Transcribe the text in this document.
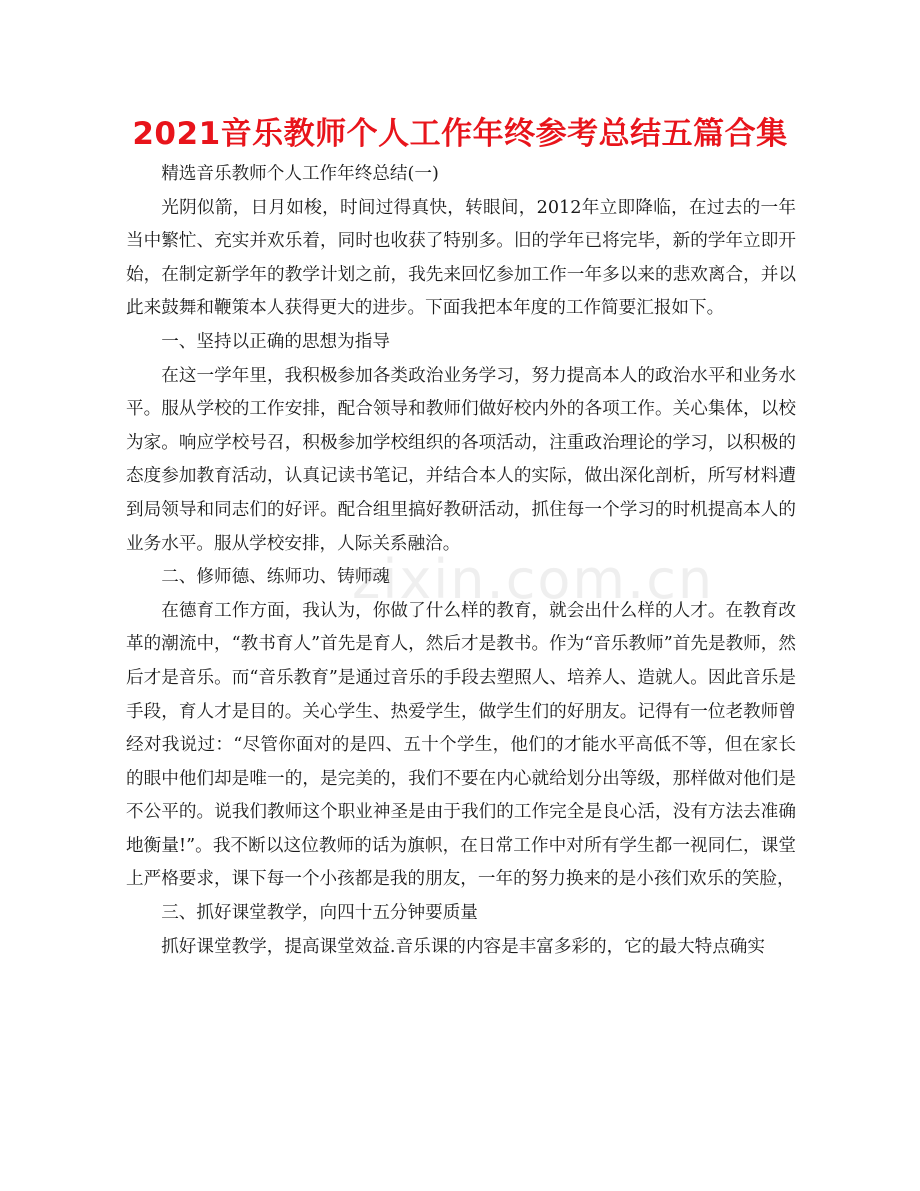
2021音乐教师个人工作年终参考总结五篇合集

精选音乐教师个人工作年终总结(一)

光阴似箭，日月如梭，时间过得真快，转眼间，2012年立即降临，在过去的一年当中繁忙、充实并欢乐着，同时也收获了特别多。旧的学年已将完毕，新的学年立即开始，在制定新学年的教学计划之前，我先来回忆参加工作一年多以来的悲欢离合，并以此来鼓舞和鞭策本人获得更大的进步。下面我把本年度的工作简要汇报如下。

一、坚持以正确的思想为指导

在这一学年里，我积极参加各类政治业务学习，努力提高本人的政治水平和业务水平。服从学校的工作安排，配合领导和教师们做好校内外的各项工作。关心集体，以校为家。响应学校号召，积极参加学校组织的各项活动，注重政治理论的学习，以积极的态度参加教育活动，认真记读书笔记，并结合本人的实际，做出深化剖析，所写材料遭到局领导和同志们的好评。配合组里搞好教研活动，抓住每一个学习的时机提高本人的业务水平。服从学校安排，人际关系融洽。

二、修师德、练师功、铸师魂

在德育工作方面，我认为，你做了什么样的教育，就会出什么样的人才。在教育改革的潮流中，“教书育人”首先是育人，然后才是教书。作为“音乐教师”首先是教师，然后才是音乐。而“音乐教育”是通过音乐的手段去塑照人、培养人、造就人。因此音乐是手段，育人才是目的。关心学生、热爱学生，做学生们的好朋友。记得有一位老教师曾经对我说过：“尽管你面对的是四、五十个学生，他们的才能水平高低不等，但在家长的眼中他们却是唯一的，是完美的，我们不要在内心就给划分出等级，那样做对他们是不公平的。说我们教师这个职业神圣是由于我们的工作完全是良心活，没有方法去准确地衡量!”。我不断以这位教师的话为旗帜，在日常工作中对所有学生都一视同仁，课堂上严格要求，课下每一个小孩都是我的朋友，一年的努力换来的是小孩们欢乐的笑脸，

三、抓好课堂教学，向四十五分钟要质量

抓好课堂教学，提高课堂效益.音乐课的内容是丰富多彩的，它的最大特点确实

zixin.com.cn
